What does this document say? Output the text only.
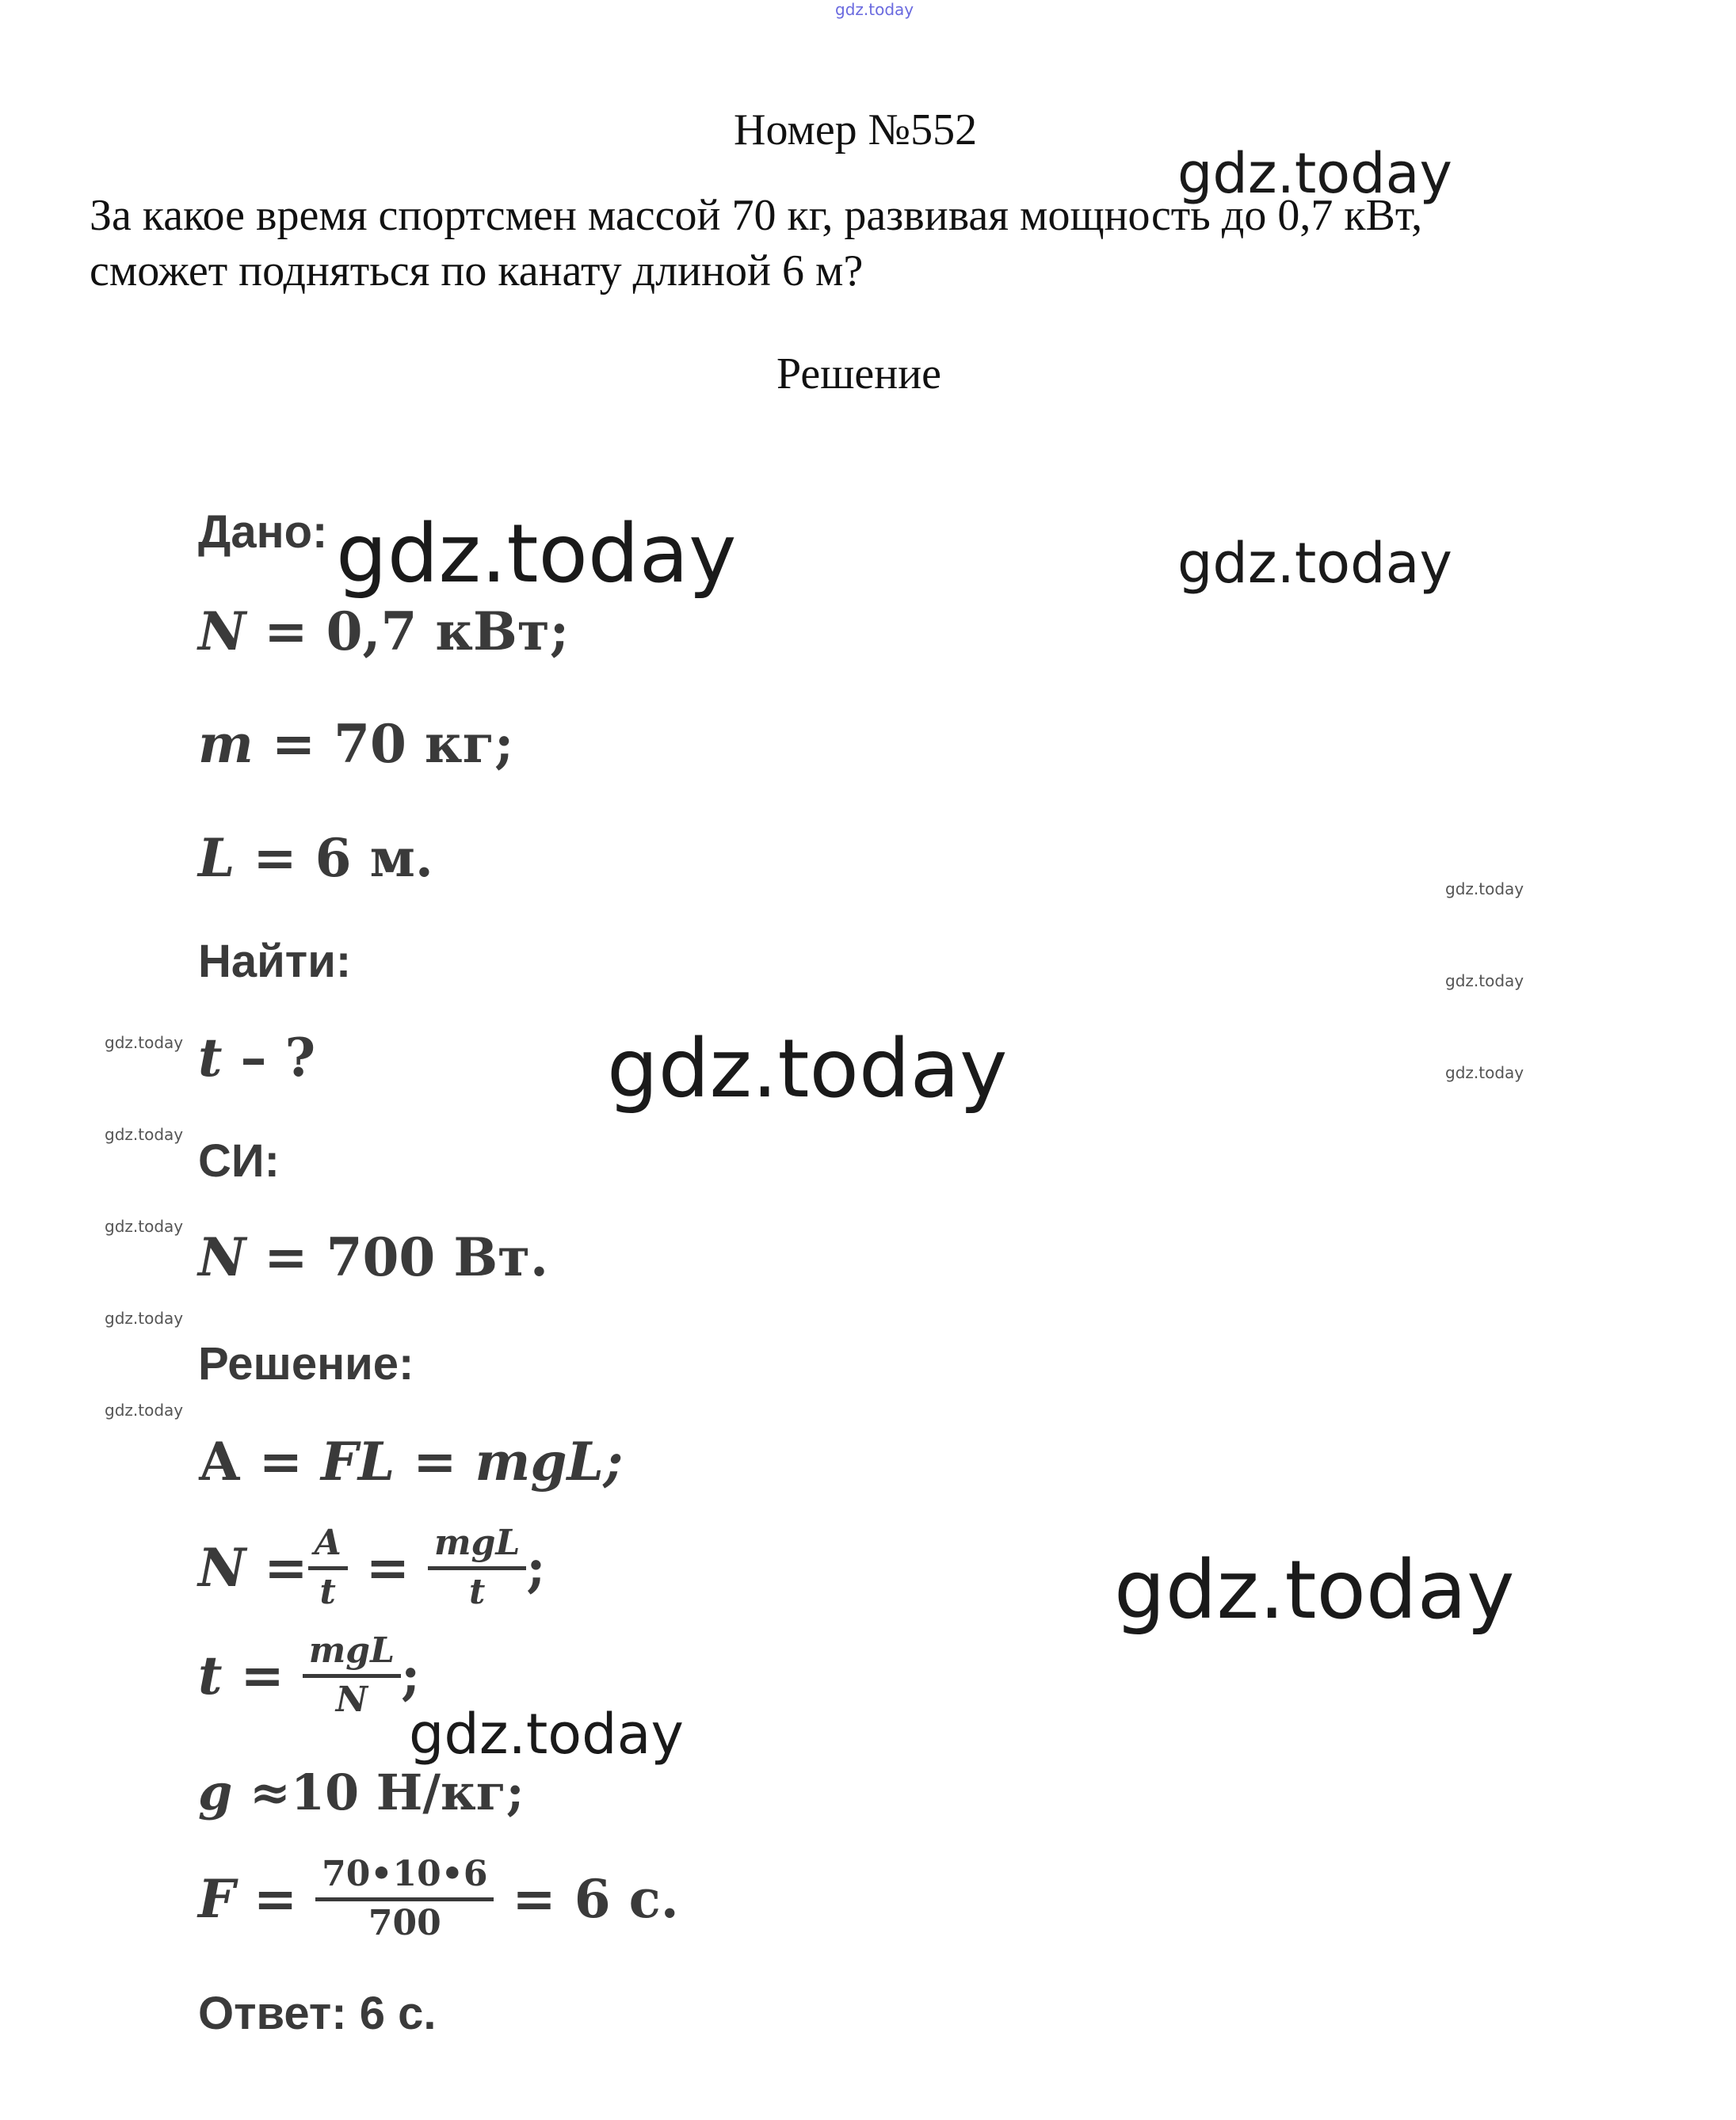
gdz.today
Номер №552
За какое время спортсмен массой 70 кг, развивая мощность до 0,7 кВт,
сможет подняться по канату длиной 6 м?
Решение
Дано:
N = 0,7 кВт;
m = 70 кг;
L = 6 м.
Найти:
t – ?
СИ:
N = 700 Вт.
Решение:
А = FL = mgL;
$N = \frac{A}{t} = \frac{\text{mgL}}{t}$ ;
$t = \frac{\text{mgL}}{N}$ ;
g ≈10 Н/кг;
$F = \frac{70•10•6}{700} = 6$ с.
Ответ: 6 с.
gdz.today
gdz.today	gdz.today
gdz.today
gdz.today
gdz.today
gdz.today
gdz.today
gdz.today
gdz.today
gdz.today
gdz.today
gdz.today
gdz.today
